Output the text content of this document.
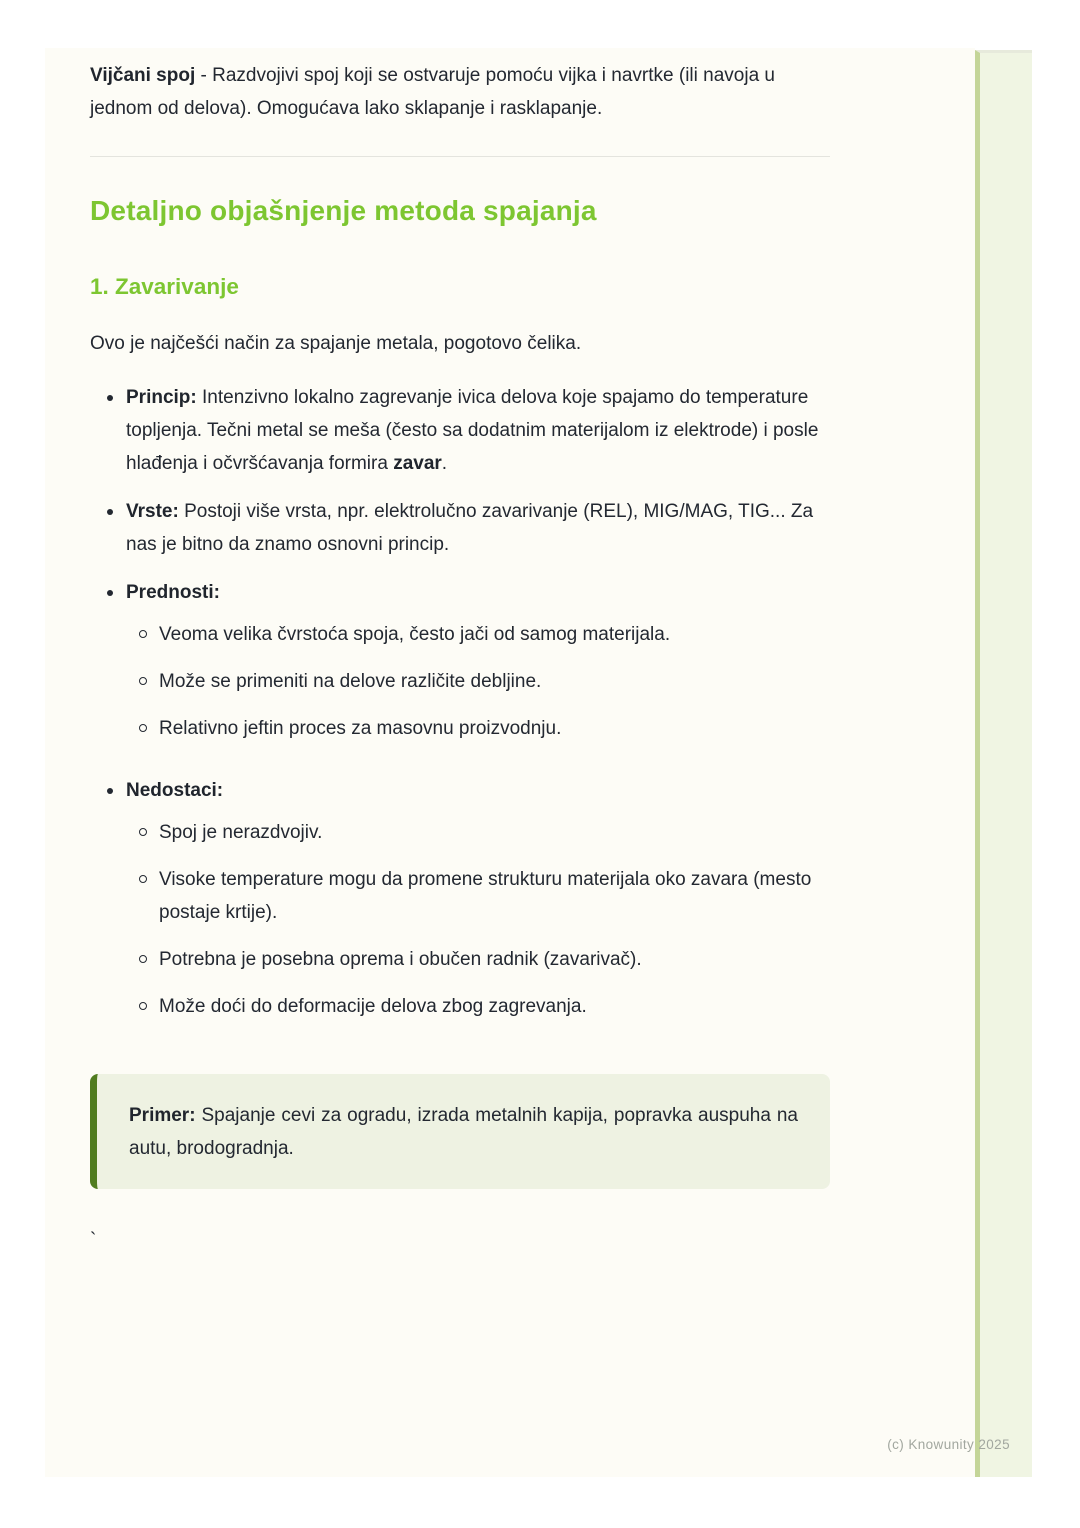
Vijčani spoj - Razdvojivi spoj koji se ostvaruje pomoću vijka i navrtke (ili navoja u jednom od delova). Omogućava lako sklapanje i rasklapanje.

Detaljno objašnjenje metoda spajanja
1. Zavarivanje

Ovo je najčešći način za spajanje metala, pogotovo čelika.

Princip: Intenzivno lokalno zagrevanje ivica delova koje spajamo do temperature topljenja. Tečni metal se meša (često sa dodatnim materijalom iz elektrode) i posle hlađenja i očvršćavanja formira zavar.
Vrste: Postoji više vrsta, npr. elektrolučno zavarivanje (REL), MIG/MAG, TIG... Za nas je bitno da znamo osnovni princip.
Prednosti:
Veoma velika čvrstoća spoja, često jači od samog materijala.
Može se primeniti na delove različite debljine.
Relativno jeftin proces za masovnu proizvodnju.
Nedostaci:
Spoj je nerazdvojiv.
Visoke temperature mogu da promene strukturu materijala oko zavara (mesto postaje krtije).
Potrebna je posebna oprema i obučen radnik (zavarivač).
Može doći do deformacije delova zbog zagrevanja.
Primer: Spajanje cevi za ogradu, izrada metalnih kapija, popravka auspuha na autu, brodogradnja.
`
(c) Knowunity 2025
